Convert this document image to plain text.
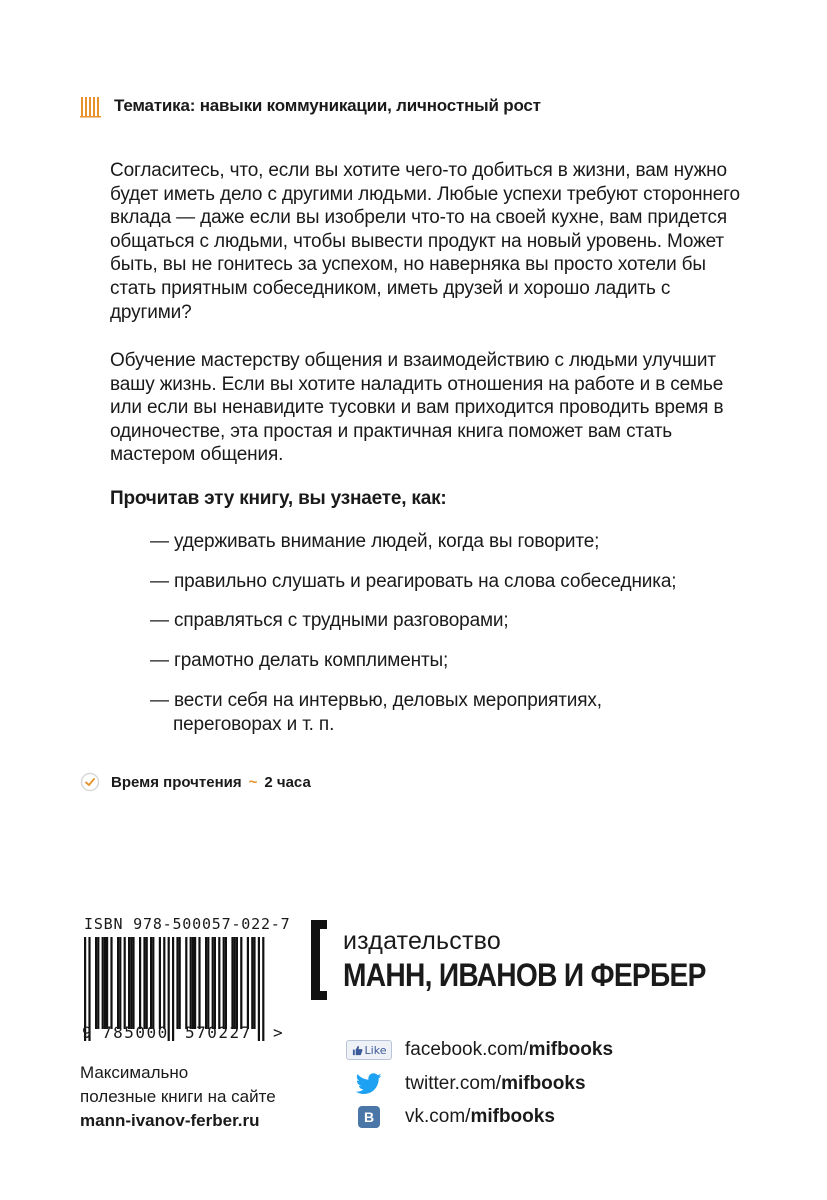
Тематика: навыки коммуникации, личностный рост

Согласитесь, что, если вы хотите чего-то добиться в жизни, вам нужно будет иметь дело с другими людьми. Любые успехи требуют стороннего вклада — даже если вы изобрели что-то на своей кухне, вам придется общаться с людьми, чтобы вывести продукт на новый уровень. Может быть, вы не гонитесь за успехом, но наверняка вы просто хотели бы стать приятным собеседником, иметь друзей и хорошо ладить с другими?

Обучение мастерству общения и взаимодействию с людьми улучшит вашу жизнь. Если вы хотите наладить отношения на работе и в семье или если вы ненавидите тусовки и вам приходится проводить время в одиночестве, эта простая и практичная книга поможет вам стать мастером общения.

Прочитав эту книгу, вы узнаете, как:
— удерживать внимание людей, когда вы говорите;
— правильно слушать и реагировать на слова собеседника;
— справляться с трудными разговорами;
— грамотно делать комплименты;
— вести себя на интервью, деловых мероприятиях,
переговорах и т. п.
Время прочтения ~ 2 часа
ISBN 978-500057-022-7
9 785000 570227 >
Максимально
полезные книги на сайте
mann-ivanov-ferber.ru
издательство
МАНН, ИВАНОВ И ФЕРБЕР
Like facebook.com/ mifbooks
twitter.com/ mifbooks
B	vk.com/ mifbooks
